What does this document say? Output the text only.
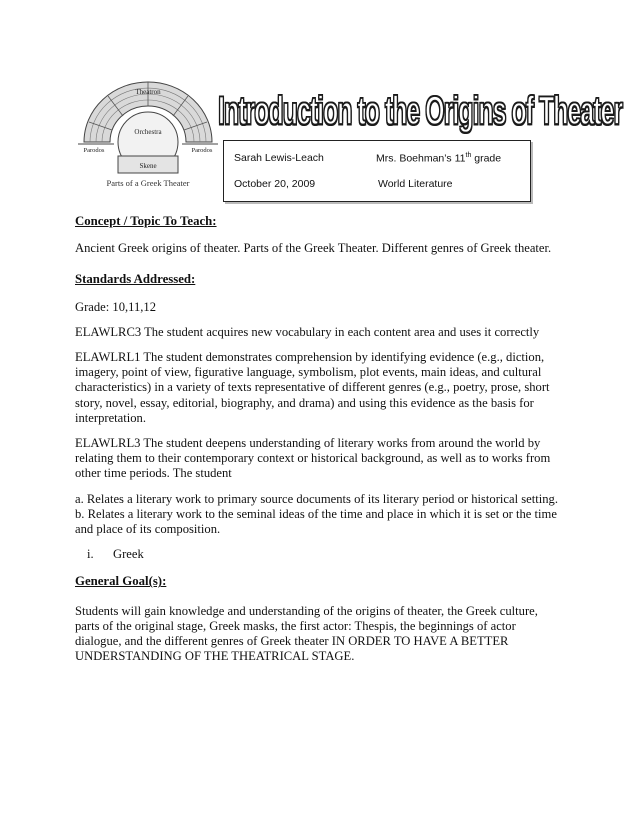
Theatron
Orchestra
Parodos	Parodos
Skene
Parts of a Greek Theater
Introduction to the Origins of Theater
Sarah Lewis-Leach	Mrs. Boehman’s 11th grade
October 20, 2009	World Literature
Concept / Topic To Teach:
Ancient Greek origins of theater. Parts of the Greek Theater. Different genres of Greek theater.
Standards Addressed:
Grade: 10,11,12
ELAWLRC3 The student acquires new vocabulary in each content area and uses it correctly
ELAWLRL1 The student demonstrates comprehension by identifying evidence (e.g., diction, imagery, point of view, figurative language, symbolism, plot events, main ideas, and cultural characteristics) in a variety of texts representative of different genres (e.g., poetry, prose, short story, novel, essay, editorial, biography, and drama) and using this evidence as the basis for interpretation.
ELAWLRL3 The student deepens understanding of literary works from around the world by relating them to their contemporary context or historical background, as well as to works from other time periods. The student
a. Relates a literary work to primary source documents of its literary period or historical setting.
b. Relates a literary work to the seminal ideas of the time and place in which it is set or the time and place of its composition.
i. Greek
General Goal(s):
Students will gain knowledge and understanding of the origins of theater, the Greek culture, parts of the original stage, Greek masks, the first actor: Thespis, the beginnings of actor dialogue, and the different genres of Greek theater IN ORDER TO HAVE A BETTER UNDERSTANDING OF THE THEATRICAL STAGE.
